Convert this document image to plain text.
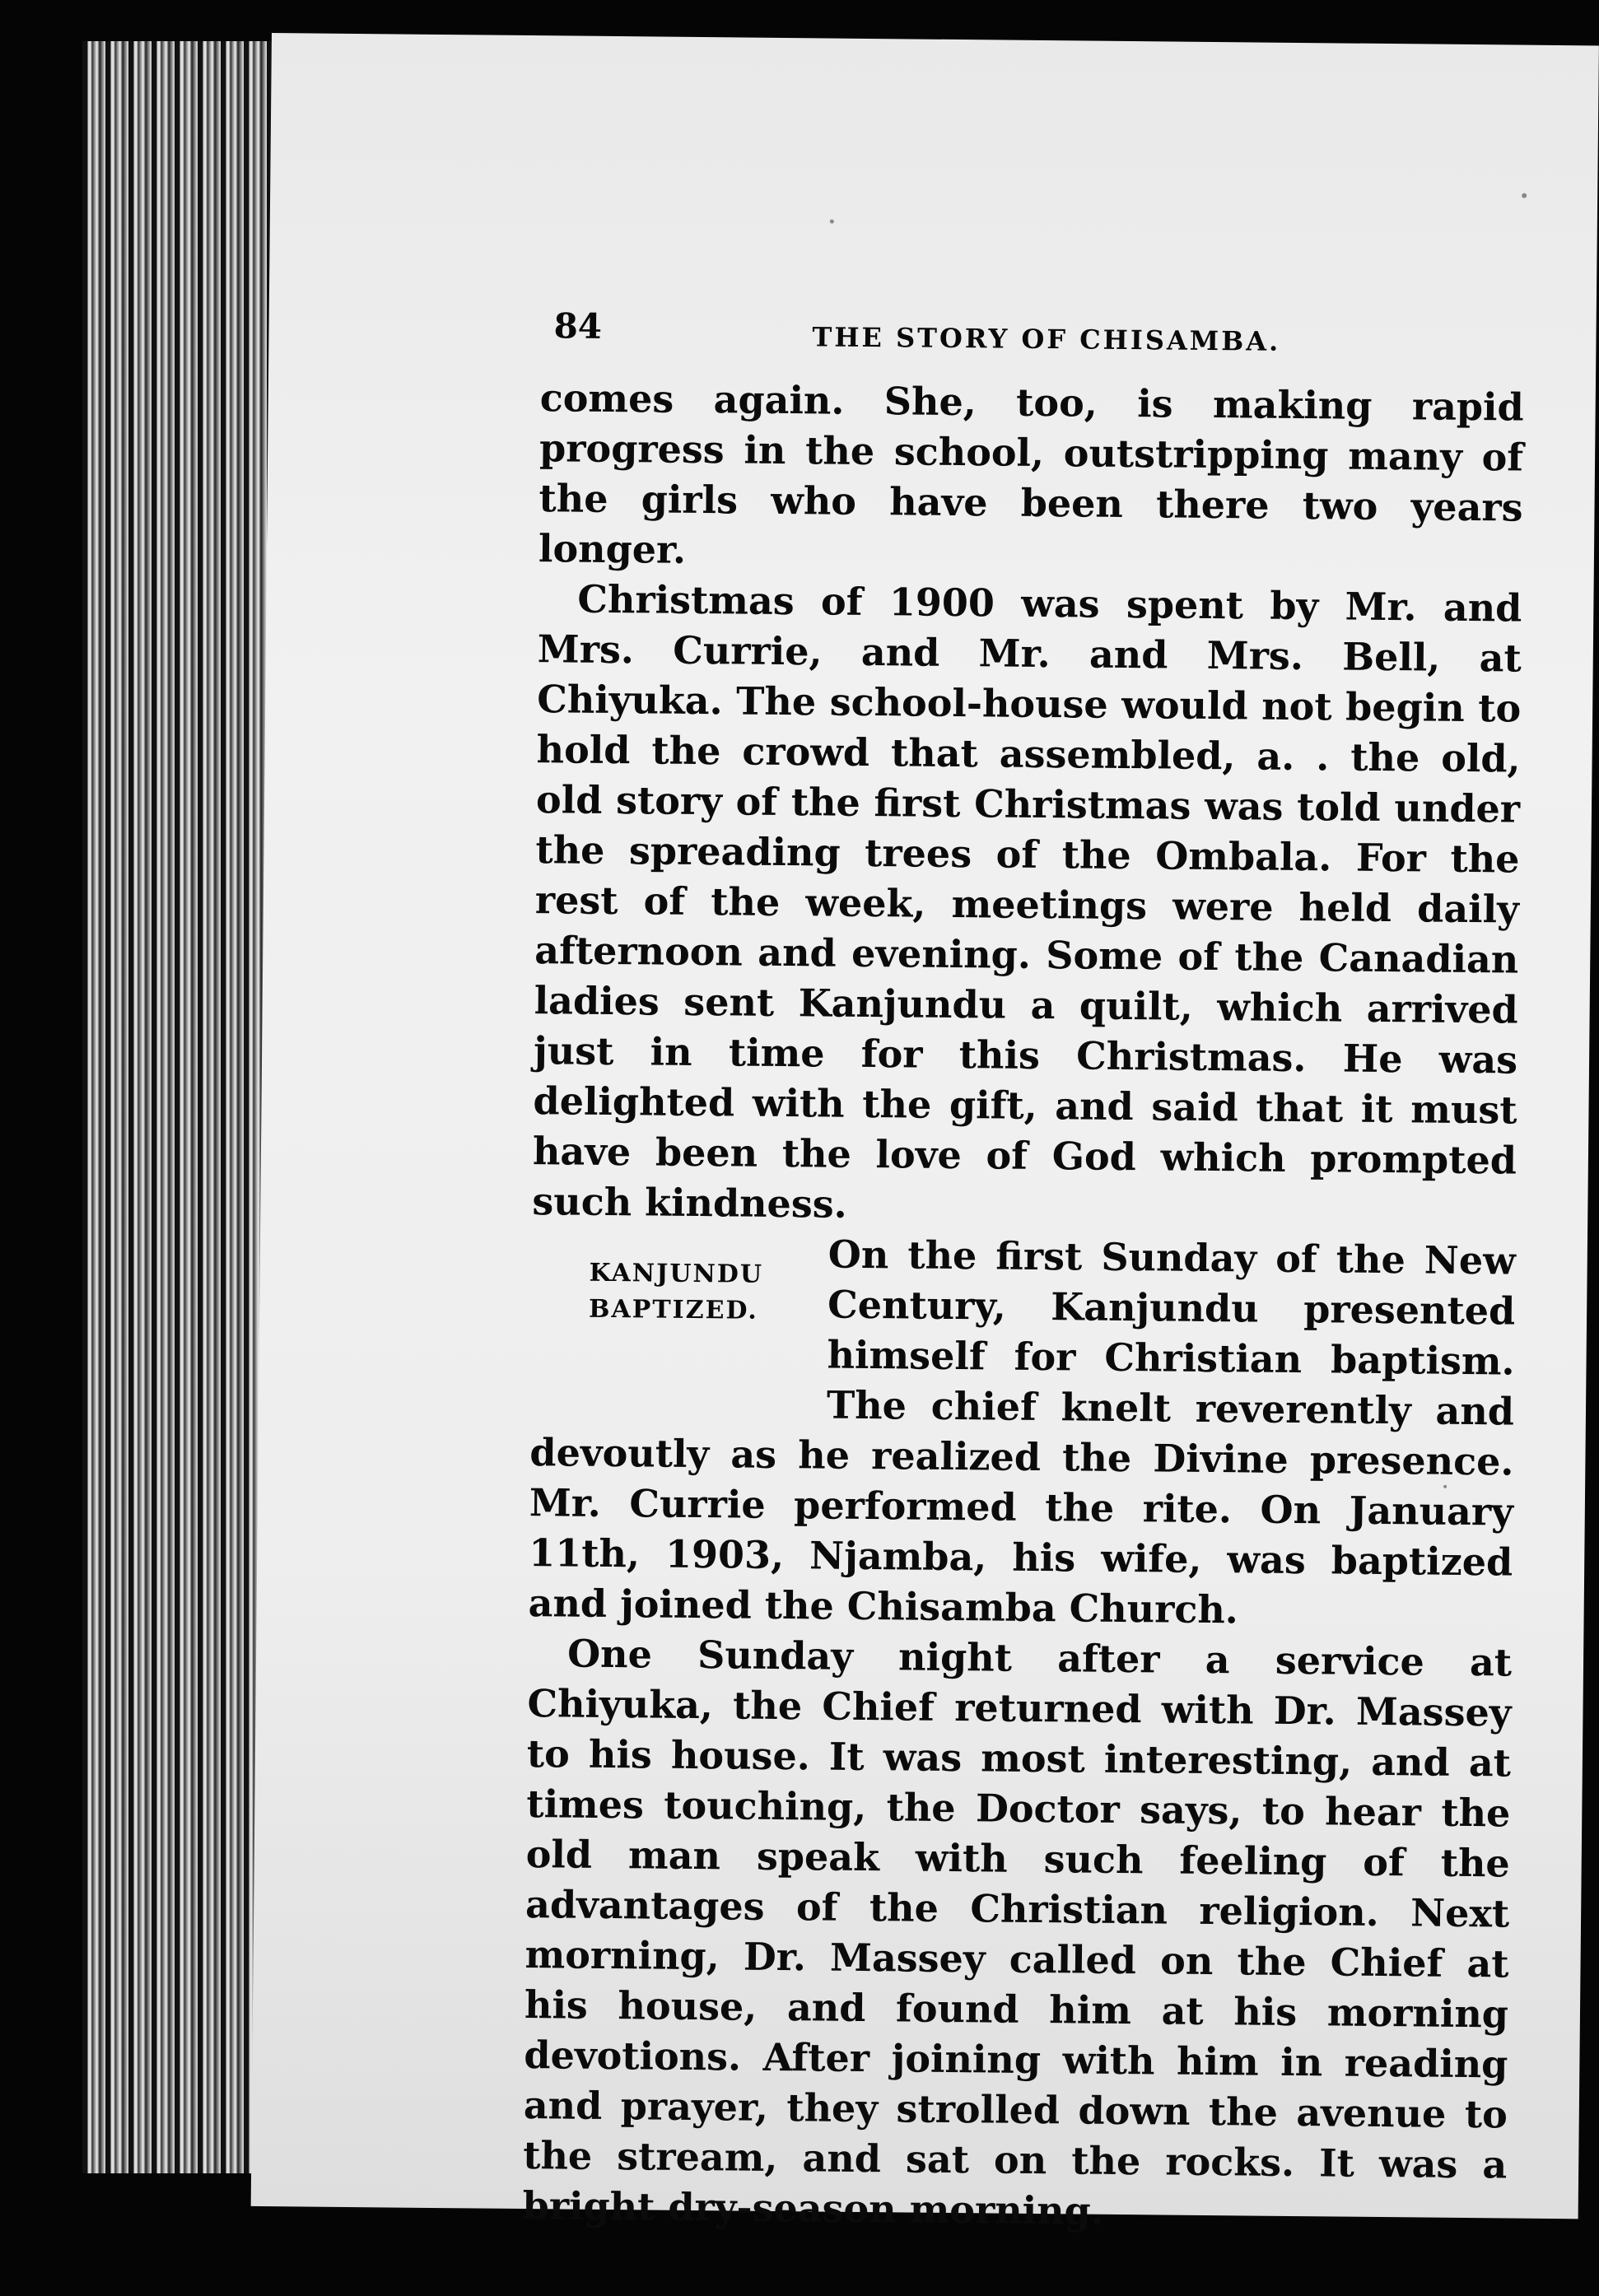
84	THE STORY OF CHISAMBA.

comes again. She, too, is making rapid progress in the school, outstripping many of the girls who have been there two years longer.

Christmas of 1900 was spent by Mr. and Mrs. Currie, and Mr. and Mrs. Bell, at Chiyuka. The school-house would not begin to hold the crowd that assembled, a. . the old, old story of the first Christmas was told under the spreading trees of the Ombala. For the rest of the week, meetings were held daily afternoon and evening. Some of the Canadian ladies sent Kanjundu a quilt, which arrived just in time for this Christmas. He was delighted with the gift, and said that it must have been the love of God which prompted such kindness.

KANJUNDU
BAPTIZED.

On the first Sunday of the New Century, Kanjundu presented himself for Christian baptism. The chief knelt reverently and devoutly as he realized the Divine presence. Mr. Currie performed the rite. On January 11th, 1903, Njamba, his wife, was baptized and joined the Chisamba Church.

One Sunday night after a service at Chiyuka, the Chief returned with Dr. Massey to his house. It was most interesting, and at times touching, the Doctor says, to hear the old man speak with such feeling of the advantages of the Christian religion. Next morning, Dr. Massey called on the Chief at his house, and found him at his morning devotions. After joining with him in reading and prayer, they strolled down the avenue to the stream, and sat on the rocks. It was a bright dry-season morning.
